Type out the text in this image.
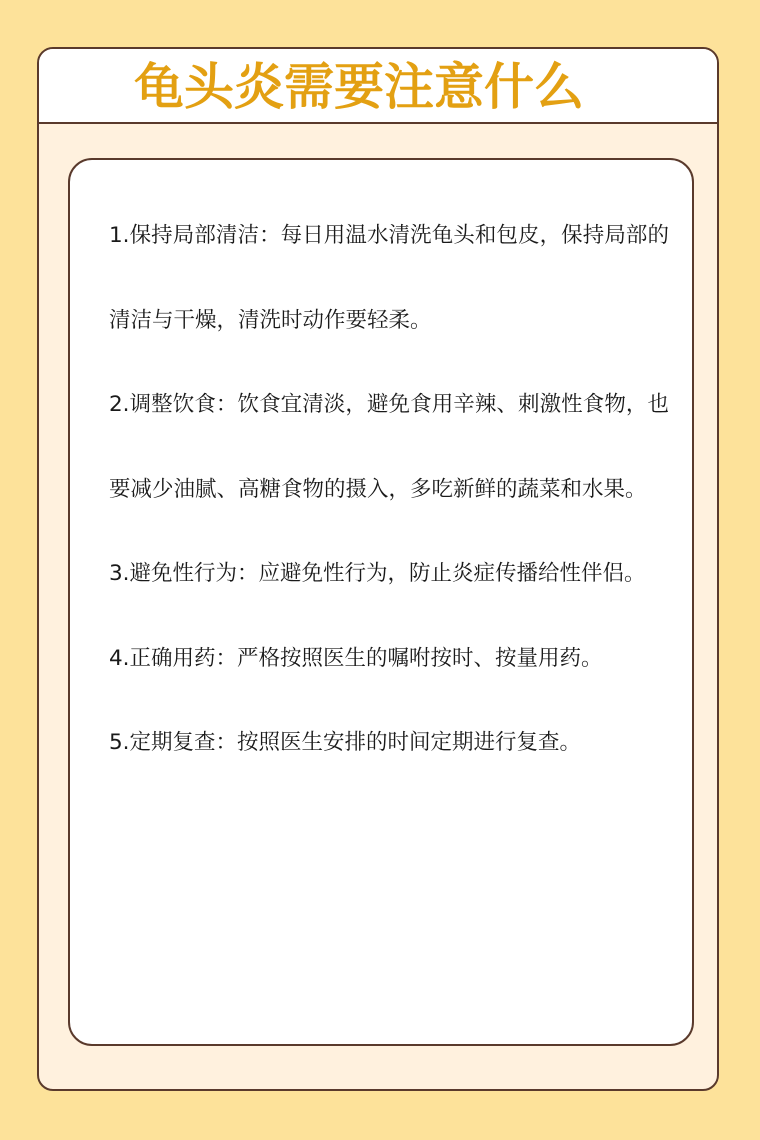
龟头炎需要注意什么

1.保持局部清洁：每日用温水清洗龟头和包皮，保持局部的清洁与干燥，清洗时动作要轻柔。

2.调整饮食：饮食宜清淡，避免食用辛辣、刺激性食物，也要减少油腻、高糖食物的摄入，多吃新鲜的蔬菜和水果。

3.避免性行为：应避免性行为，防止炎症传播给性伴侣。

4.正确用药：严格按照医生的嘱咐按时、按量用药。

5.定期复查：按照医生安排的时间定期进行复查。
